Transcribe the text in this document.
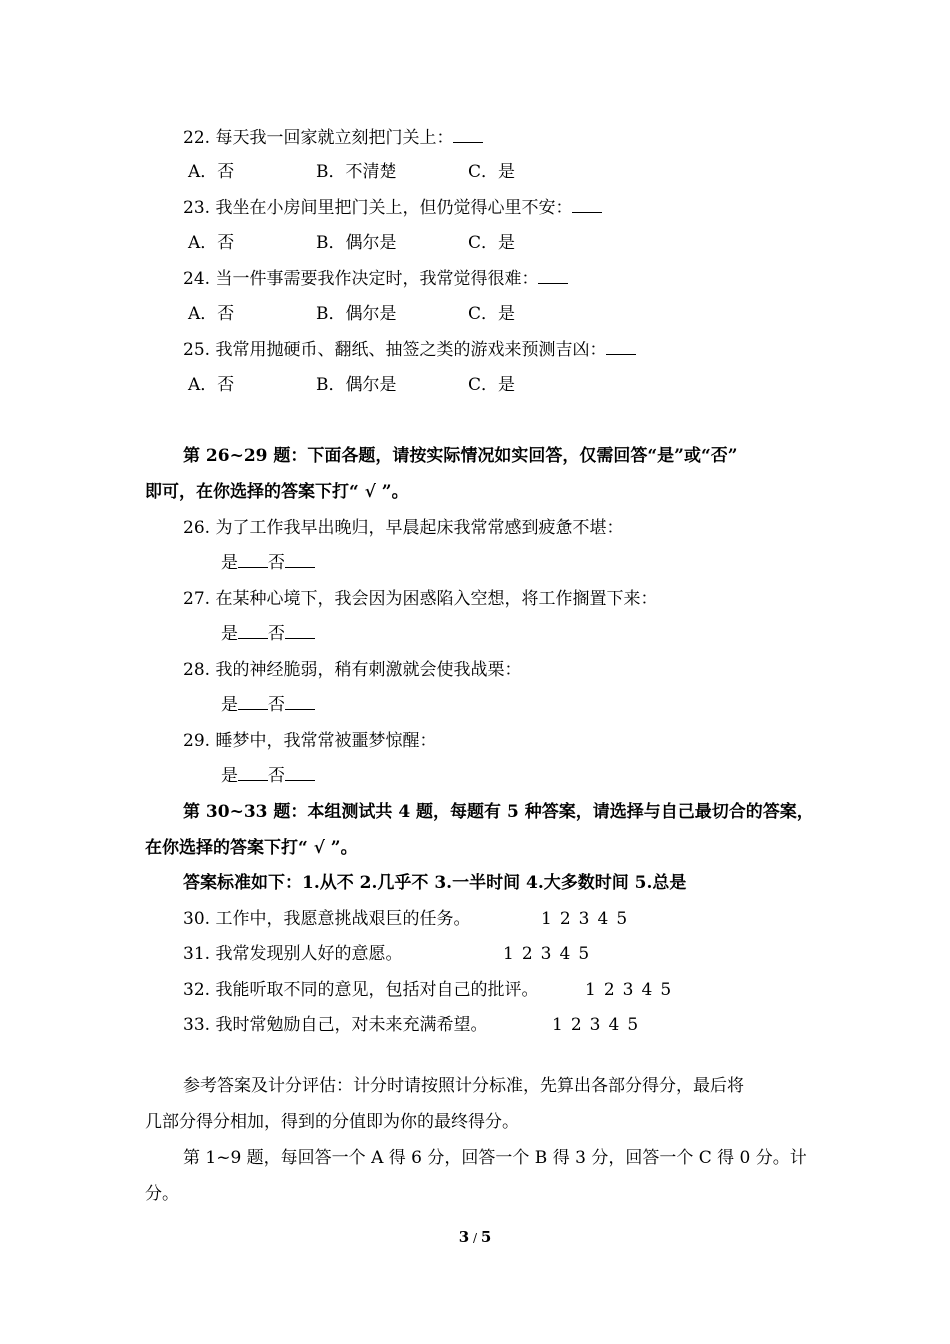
22. 每天我一回家就立刻把门关上：
A．否	B．不清楚	C．是
23. 我坐在小房间里把门关上，但仍觉得心里不安：
A．否	B．偶尔是	C．是
24. 当一件事需要我作决定时，我常觉得很难：
A．否	B．偶尔是	C．是
25. 我常用抛硬币、翻纸、抽签之类的游戏来预测吉凶：
A．否	B．偶尔是	C．是
第 26~29 题：下面各题，请按实际情况如实回答，仅需回答“是”或“否”
即可，在你选择的答案下打“ √ ”。
26. 为了工作我早出晚归，早晨起床我常常感到疲惫不堪：
是 否
27. 在某种心境下，我会因为困惑陷入空想，将工作搁置下来：
是 否
28. 我的神经脆弱，稍有刺激就会使我战栗：
是 否
29. 睡梦中，我常常被噩梦惊醒：
是 否
第 30~33 题：本组测试共 4 题，每题有 5 种答案，请选择与自己最切合的答案，
在你选择的答案下打“ √ ”。
答案标准如下：1.从不 2.几乎不 3.一半时间 4.大多数时间 5.总是
30. 工作中，我愿意挑战艰巨的任务。	1 2 3 4 5
31. 我常发现别人好的意愿。	1 2 3 4 5
32. 我能听取不同的意见，包括对自己的批评。	1 2 3 4 5
33. 我时常勉励自己，对未来充满希望。	1 2 3 4 5
参考答案及计分评估：计分时请按照计分标准，先算出各部分得分，最后将
几部分得分相加，得到的分值即为你的最终得分。
第 1~9 题，每回答一个 A 得 6 分，回答一个 B 得 3 分，回答一个 C 得 0 分。计
分。
3 / 5
